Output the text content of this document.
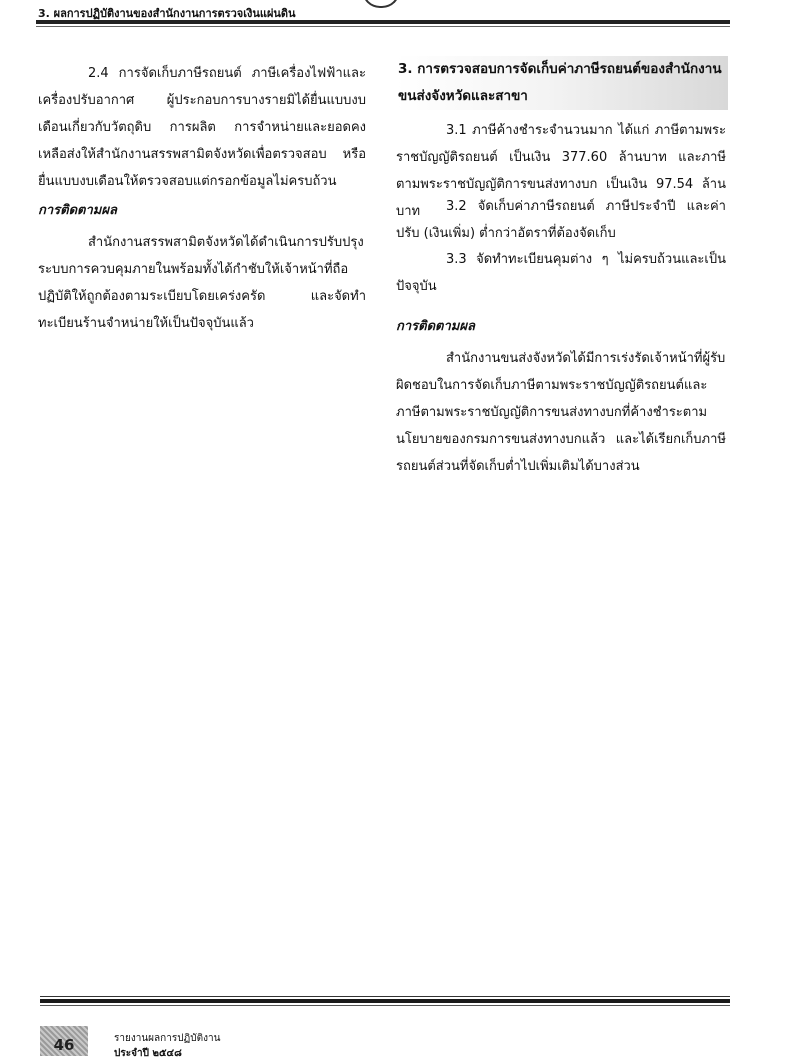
3. ผลการปฏิบัติงานของสำนักงานการตรวจเงินแผ่นดิน
2.4 การจัดเก็บภาษีรถยนต์ ภาษีเครื่องไฟฟ้าและเครื่องปรับอากาศ ผู้ประกอบการบางรายมิได้ยื่นแบบงบเดือนเกี่ยวกับวัตถุดิบ การผลิต การจำหน่ายและยอดคงเหลือส่งให้สำนักงานสรรพสามิตจังหวัดเพื่อตรวจสอบ หรือยื่นแบบงบเดือนให้ตรวจสอบแต่กรอกข้อมูลไม่ครบถ้วน
การติดตามผล
สำนักงานสรรพสามิตจังหวัดได้ดำเนินการปรับปรุงระบบการควบคุมภายในพร้อมทั้งได้กำชับให้เจ้าหน้าที่ถือปฏิบัติให้ถูกต้องตามระเบียบโดยเคร่งครัด และจัดทำทะเบียนร้านจำหน่ายให้เป็นปัจจุบันแล้ว
3. การตรวจสอบการจัดเก็บค่าภาษีรถยนต์ของสำนักงานขนส่งจังหวัดและสาขา
3.1 ภาษีค้างชำระจำนวนมาก ได้แก่ ภาษีตามพระราชบัญญัติรถยนต์ เป็นเงิน 377.60 ล้านบาท และภาษีตามพระราชบัญญัติการขนส่งทางบก เป็นเงิน 97.54 ล้านบาท	3.2 จัดเก็บค่าภาษีรถยนต์ ภาษีประจำปี และค่าปรับ (เงินเพิ่ม) ต่ำกว่าอัตราที่ต้องจัดเก็บ
3.3 จัดทำทะเบียนคุมต่าง ๆ ไม่ครบถ้วนและเป็นปัจจุบัน
การติดตามผล
สำนักงานขนส่งจังหวัดได้มีการเร่งรัดเจ้าหน้าที่ผู้รับผิดชอบในการจัดเก็บภาษีตามพระราชบัญญัติรถยนต์และภาษีตามพระราชบัญญัติการขนส่งทางบกที่ค้างชำระตามนโยบายของกรมการขนส่งทางบกแล้ว และได้เรียกเก็บภาษีรถยนต์ส่วนที่จัดเก็บต่ำไปเพิ่มเติมได้บางส่วน
46	รายงานผลการปฏิบัติงาน
ประจำปี ๒๕๔๘
